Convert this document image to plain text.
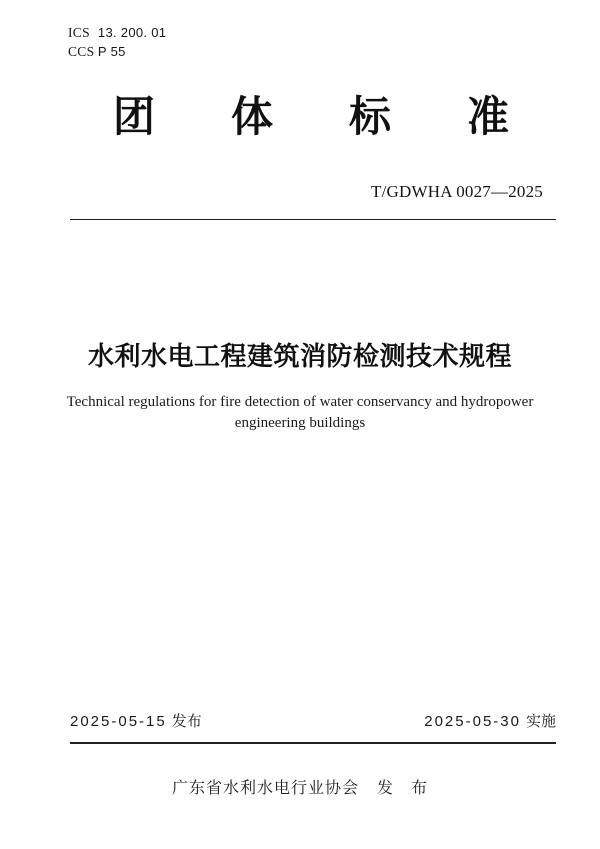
ICS 13. 200. 01
CCS P 55
团 体 标 准
T/GDWHA 0027—2025
水利水电工程建筑消防检测技术规程
Technical regulations for fire detection of water conservancy and hydropower
engineering buildings
2025-05-15 发布	2025-05-30 实施
广东省水利水电行业协会 发　布
